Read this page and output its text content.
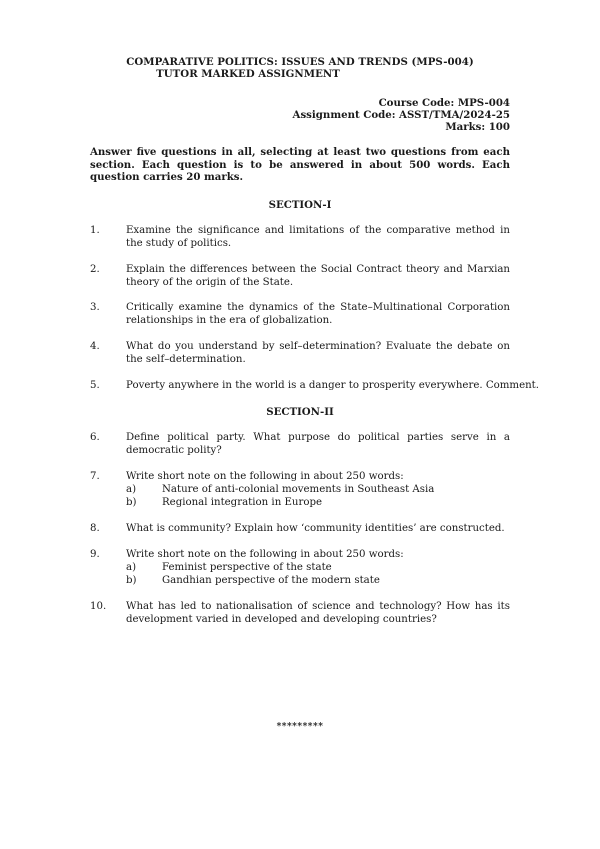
COMPARATIVE POLITICS: ISSUES AND TRENDS (MPS-004)
TUTOR MARKED ASSIGNMENT
Course Code: MPS-004
Assignment Code: ASST/TMA/2024-25
Marks: 100
Answer five questions in all, selecting at least two questions from each section. Each question is to be answered in about 500 words. Each question carries 20 marks.
SECTION-I
1.	Examine the significance and limitations of the comparative method in the study of politics.
2.	Explain the differences between the Social Contract theory and Marxian theory of the origin of the State.
3.	Critically examine the dynamics of the State–Multinational Corporation relationships in the era of globalization.
4.	What do you understand by self–determination? Evaluate the debate on the self–determination.
5.	Poverty anywhere in the world is a danger to prosperity everywhere. Comment.
SECTION-II
6.	Define political party. What purpose do political parties serve in a democratic polity?
7.	Write short note on the following in about 250 words:
a)	Nature of anti-colonial movements in Southeast Asia
b)	Regional integration in Europe
8.	What is community? Explain how ‘community identities’ are constructed.
9.	Write short note on the following in about 250 words:
a)	Feminist perspective of the state
b)	Gandhian perspective of the modern state
10. What has led to nationalisation of science and technology? How has its development varied in developed and developing countries?
*********
